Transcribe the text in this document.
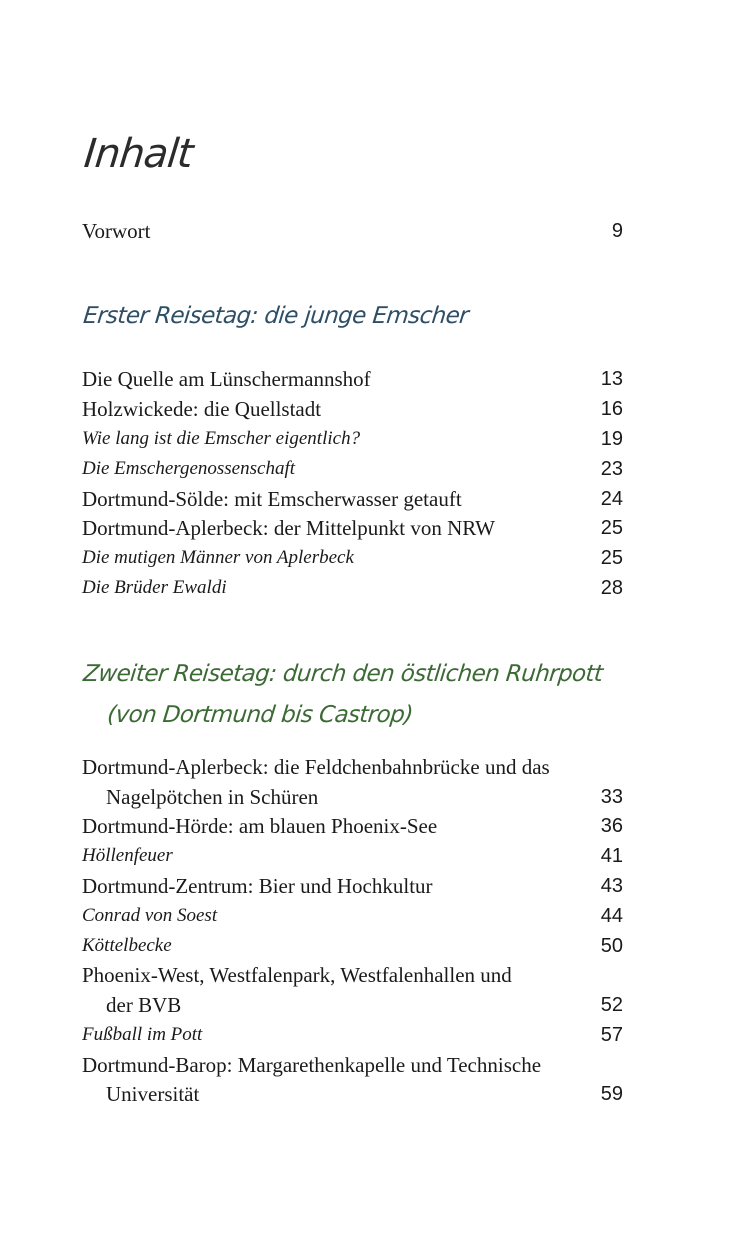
Inhalt
Vorwort	9
Erster Reisetag: die junge Emscher
Die Quelle am Lünschermannshof	13
Holzwickede: die Quellstadt	16
Wie lang ist die Emscher eigentlich?	19
Die Emschergenossenschaft	23
Dortmund-Sölde: mit Emscherwasser getauft	24
Dortmund-Aplerbeck: der Mittelpunkt von NRW	25
Die mutigen Männer von Aplerbeck	25
Die Brüder Ewaldi	28
Zweiter Reisetag: durch den östlichen Ruhrpott
(von Dortmund bis Castrop)
Dortmund-Aplerbeck: die Feldchenbahnbrücke und das
Nagelpötchen in Schüren	33
Dortmund-Hörde: am blauen Phoenix-See	36
Höllenfeuer	41
Dortmund-Zentrum: Bier und Hochkultur	43
Conrad von Soest	44
Köttelbecke	50
Phoenix-West, Westfalenpark, Westfalenhallen und
der BVB	52
Fußball im Pott	57
Dortmund-Barop: Margarethenkapelle und Technische
Universität	59
